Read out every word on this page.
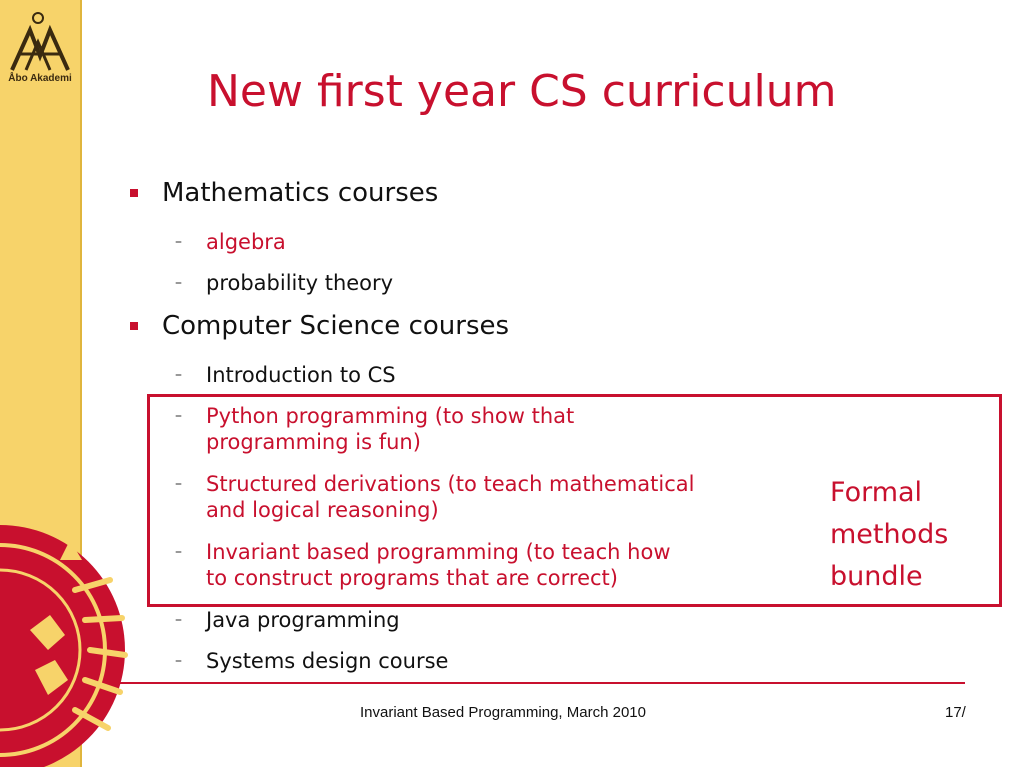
Åbo Akademi	New first year CS curriculum
Mathematics courses
– algebra
– probability theory
Computer Science courses
– Introduction to CS
– Python programming (to show that
programming is fun)
– Structured derivations (to teach mathematical
and logical reasoning)
– Invariant based programming (to teach how
to construct programs that are correct)
– Java programming
– Systems design course
Formal
methods
bundle
Invariant Based Programming, March 2010	17/
